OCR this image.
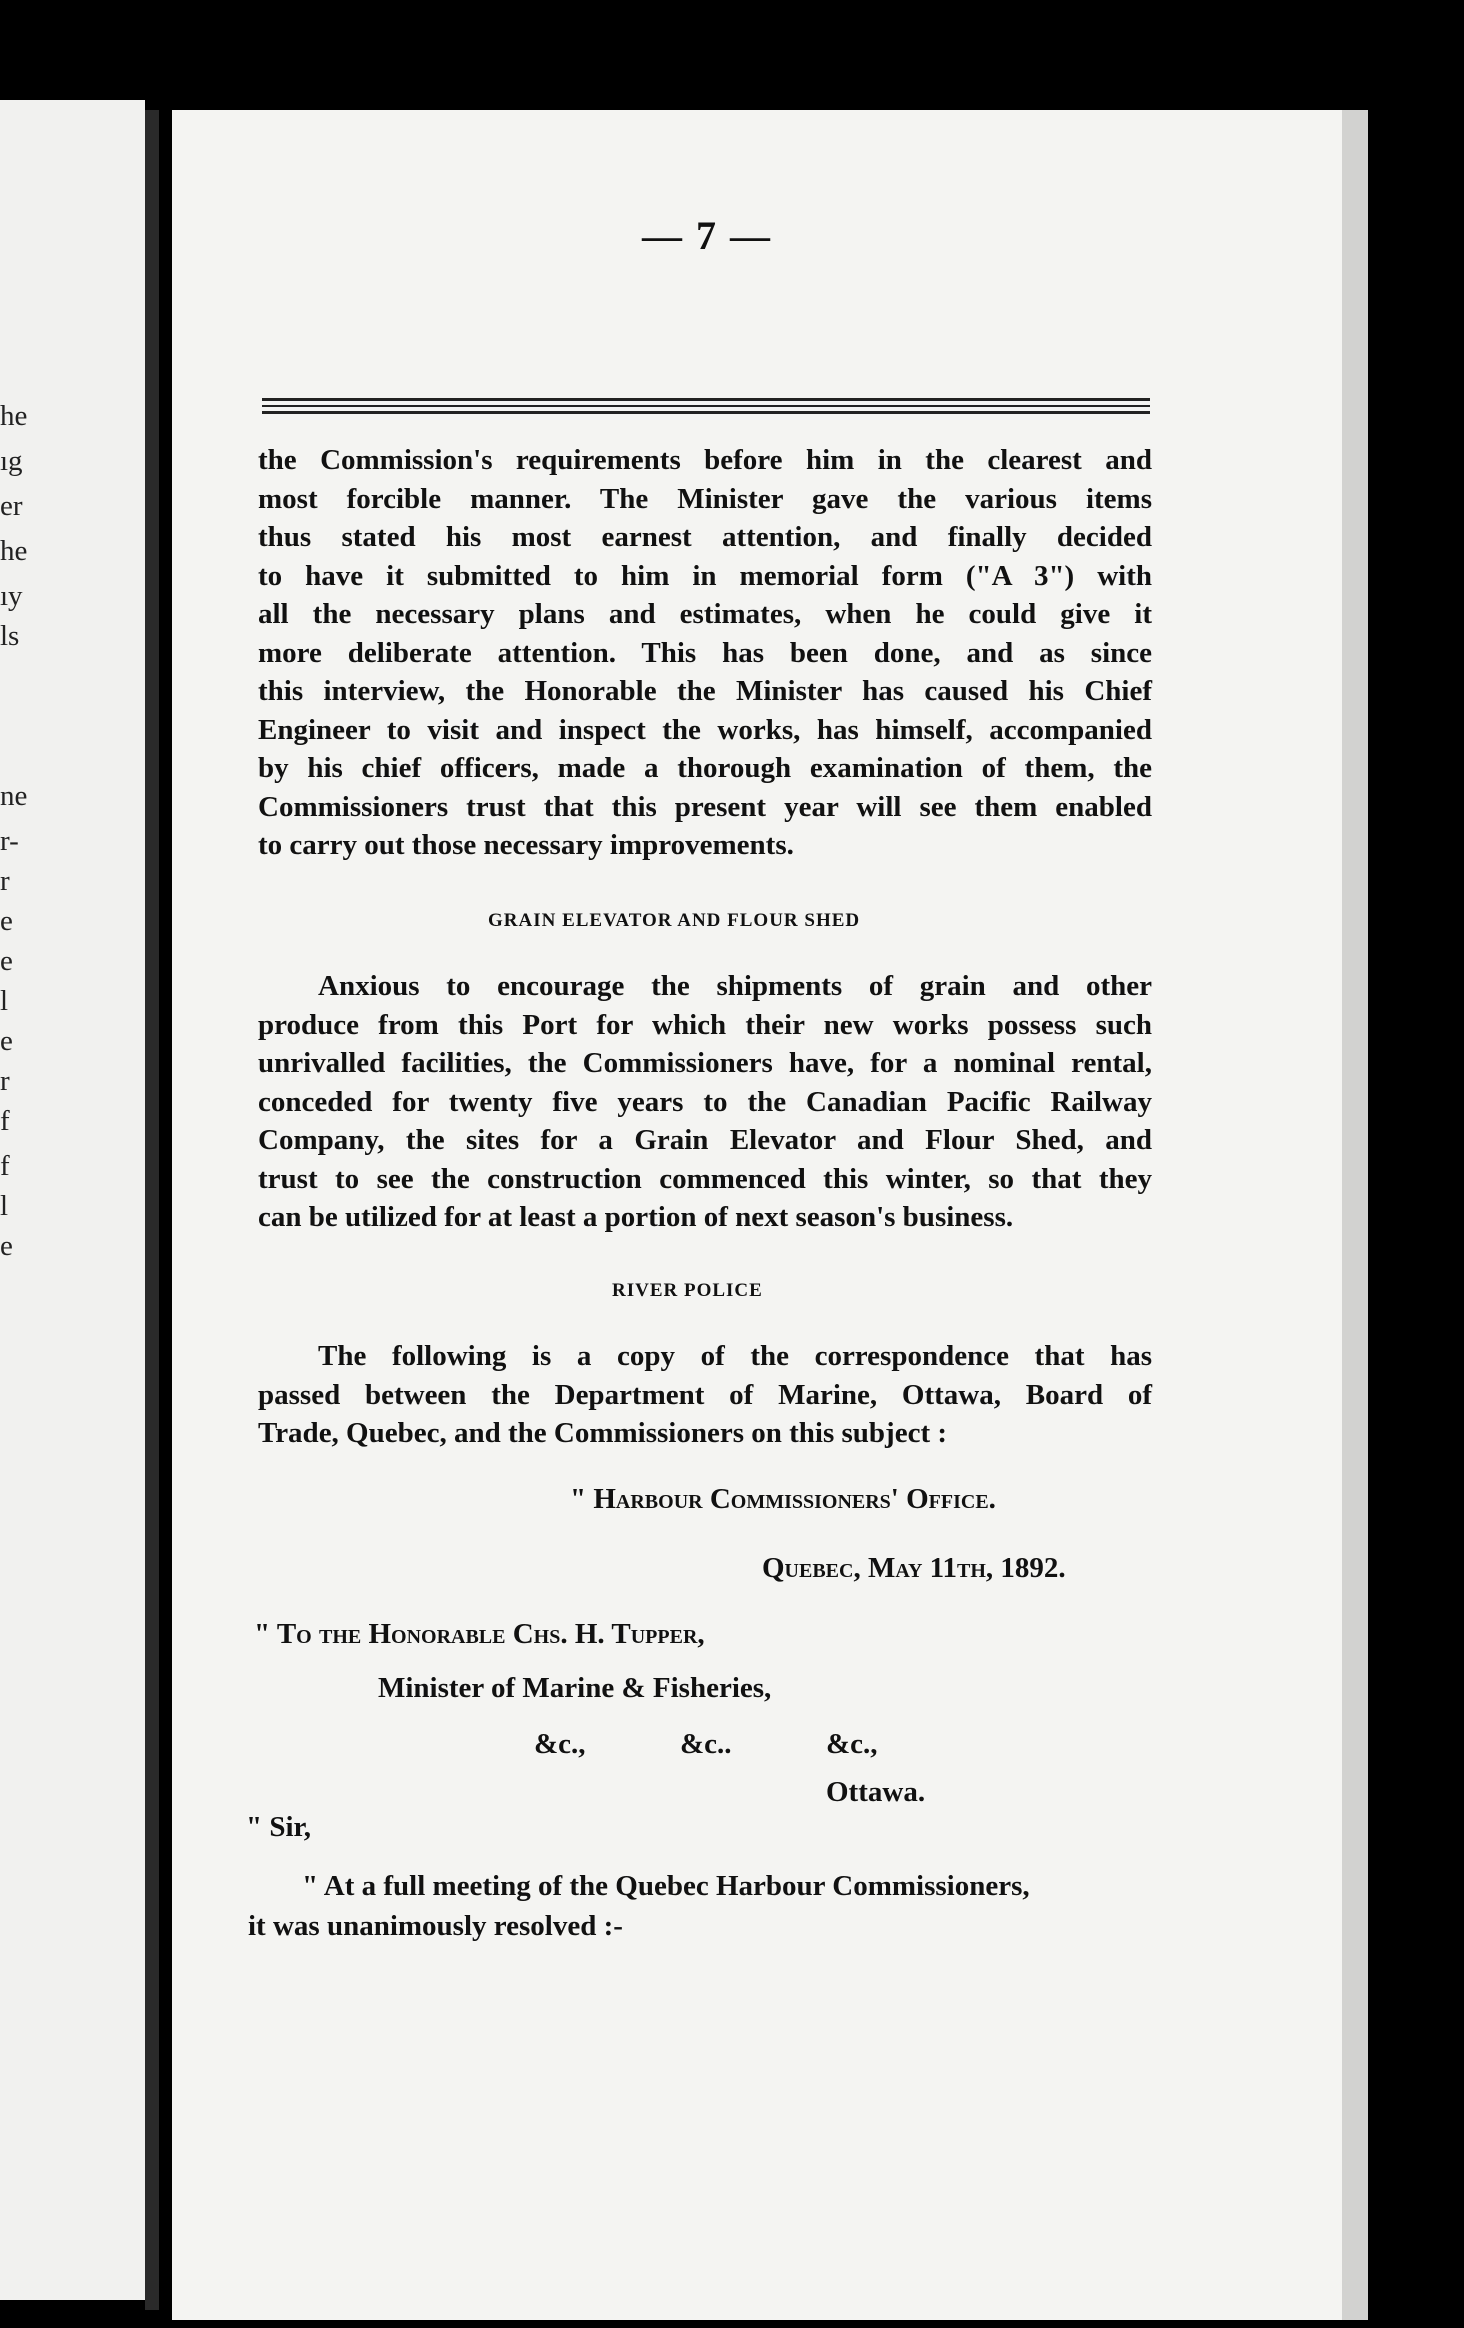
he
ıg
er
he
ıy
ls
ne
r-
r
e
e
l
e
r
f
f
l
e
— 7 —

the Commission's requirements before him in the clearest and

most forcible manner. The Minister gave the various items

thus stated his most earnest attention, and finally decided

to have it submitted to him in memorial form ("A 3") with

all the necessary plans and estimates, when he could give it

more deliberate attention. This has been done, and as since

this interview, the Honorable the Minister has caused his Chief

Engineer to visit and inspect the works, has himself, accompanied

by his chief officers, made a thorough examination of them, the

Commissioners trust that this present year will see them enabled

to carry out those necessary improvements.

GRAIN ELEVATOR AND FLOUR SHED

Anxious to encourage the shipments of grain and other

produce from this Port for which their new works possess such

unrivalled facilities, the Commissioners have, for a nominal rental,

conceded for twenty five years to the Canadian Pacific Railway

Company, the sites for a Grain Elevator and Flour Shed, and

trust to see the construction commenced this winter, so that they

can be utilized for at least a portion of next season's business.

RIVER POLICE

The following is a copy of the correspondence that has

passed between the Department of Marine, Ottawa, Board of

Trade, Quebec, and the Commissioners on this subject :

" Harbour Commissioners' Office.
Quebec, May 11th, 1892.
" To the Honorable Chs. H. Tupper,
Minister of Marine & Fisheries,
&c.,	&c..	&c.,
Ottawa.
" Sir,
" At a full meeting of the Quebec Harbour Commissioners,
it was unanimously resolved :-
